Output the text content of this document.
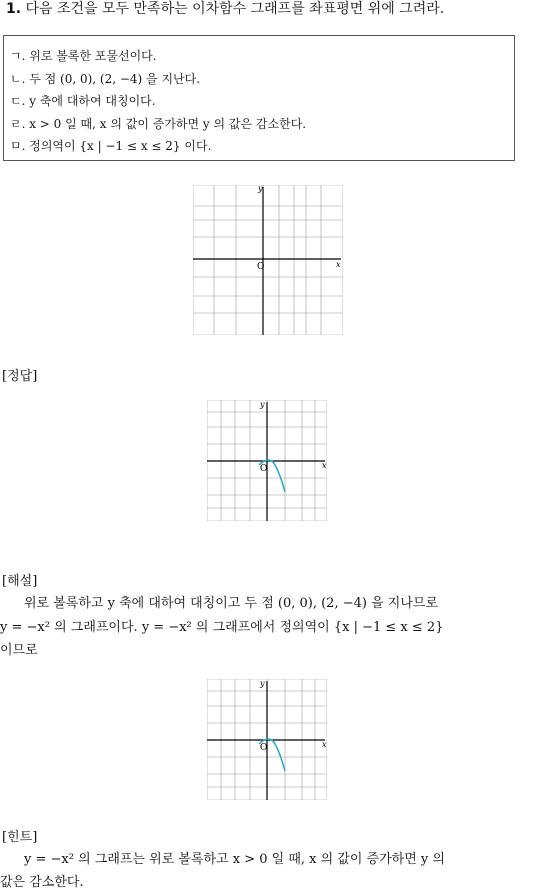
1. 다음 조건을 모두 만족하는 이차함수 그래프를 좌표평면 위에 그려라.
ㄱ. 위로 볼록한 포물선이다.
ㄴ. 두 점 (0, 0), (2, −4) 을 지난다.
ㄷ. y 축에 대하여 대칭이다.
ㄹ. x > 0 일 때, x 의 값이 증가하면 y 의 값은 감소한다.
ㅁ. 정의역이 {x | −1 ≤ x ≤ 2} 이다.
O	x
y
[정답]
O	x
y
[해설]
위로 볼록하고 y 축에 대하여 대칭이고 두 점 (0, 0), (2, −4) 을 지나므로
y = −x² 의 그래프이다. y = −x² 의 그래프에서 정의역이 {x | −1 ≤ x ≤ 2}
이므로
O	x
y
[힌트]
y = −x² 의 그래프는 위로 볼록하고 x > 0 일 때, x 의 값이 증가하면 y 의
값은 감소한다.
